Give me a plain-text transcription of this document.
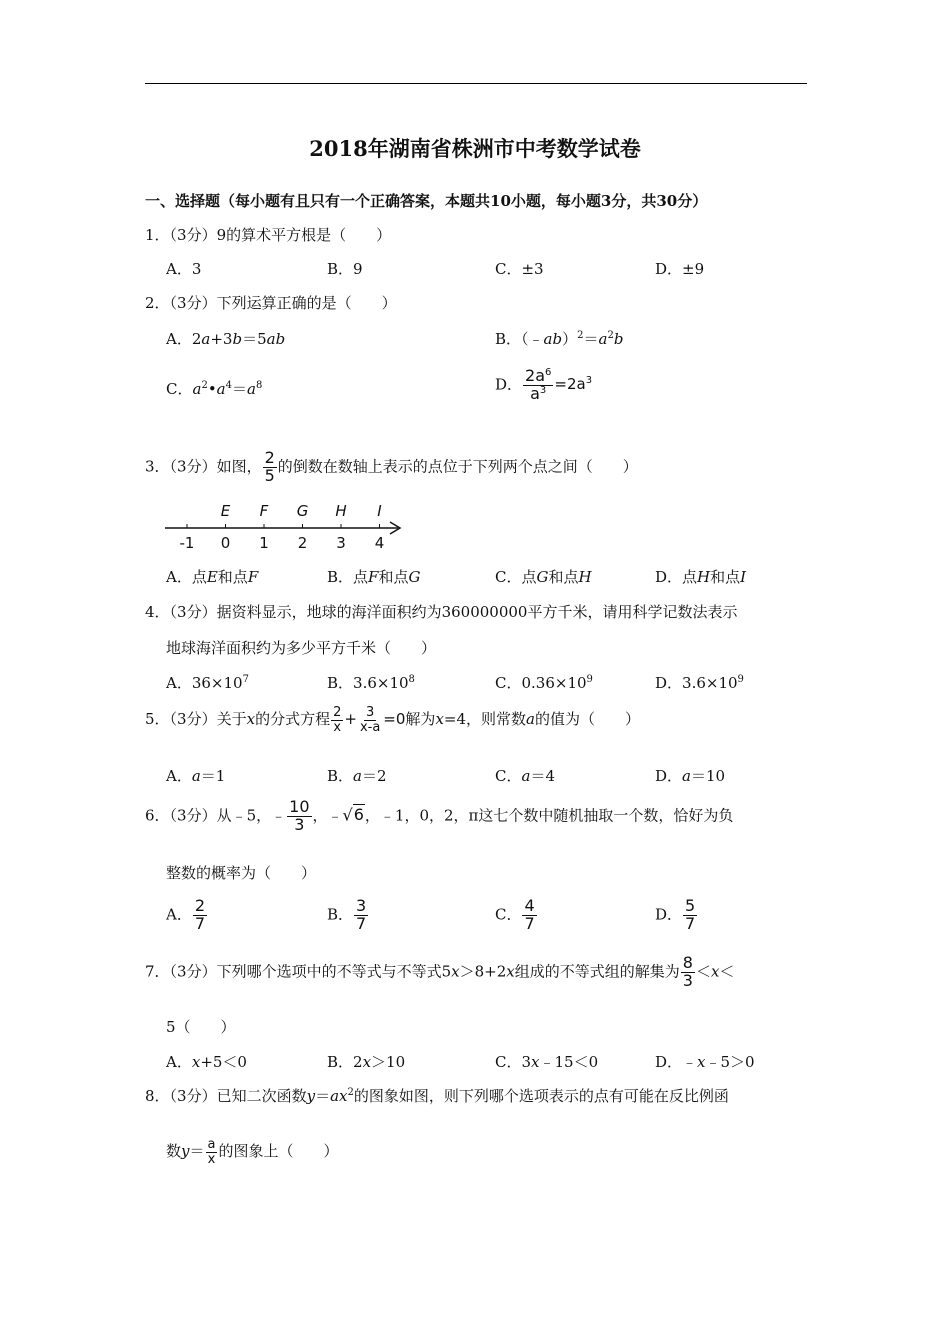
2018年湖南省株洲市中考数学试卷
一、选择题（每小题有且只有一个正确答案，本题共10小题，每小题3分，共30分）
1．（3分）9的算术平方根是（　　）
A．3	B．9	C．±3	D．±9
2．（3分）下列运算正确的是（　　）
A．2a+3b＝5ab	B．$(﹣ab)^2=a^2b$
C．$a^2•a^4=a^8$	D． $\frac{2a^6}{a^3} =2a^3$
3．（3分）如图， $\frac{2}{5}$ 的倒数在数轴上表示的点位于下列两个点之间（　　）
-1 0 1 2 3 4
E F G H I
A．点E和点F	B．点F和点G	C．点G和点H	D．点H和点I
4．（3分）据资料显示，地球的海洋面积约为360000000平方千米，请用科学记数法表示
地球海洋面积约为多少平方千米（　　）
A．$36\times 10^7$	B．$3.6\times 10^8$	C．$0.36\times 10^9$	D．$3.6\times 10^9$
5．（3分）关于x的分式方程 $\frac{2}{x} + \frac{3}{x-a} =0$解为x=4，则常数a的值为（　　）
A．a＝1	B．a＝2	C．a＝4	D．a＝10
6．（3分）从﹣5，﹣ $\frac{10}{3}$ ，﹣√6，﹣1，0，2，π这七个数中随机抽取一个数，恰好为负
整数的概率为（　　）
A． $\frac{2}{7}$	B． $\frac{3}{7}$	C． $\frac{4}{7}$	D． $\frac{5}{7}$
7．（3分）下列哪个选项中的不等式与不等式5x＞8+2x组成的不等式组的解集为 $\frac{8}{3} <x<$
5（　　）
A．x+5＜0	B．2x＞10	C．3x﹣15＜0	D．﹣x﹣5＞0
8．（3分）已知二次函数$y=ax^2$的图象如图，则下列哪个选项表示的点有可能在反比例函
数$y= \frac{a}{x}$ 的图象上（　　）
